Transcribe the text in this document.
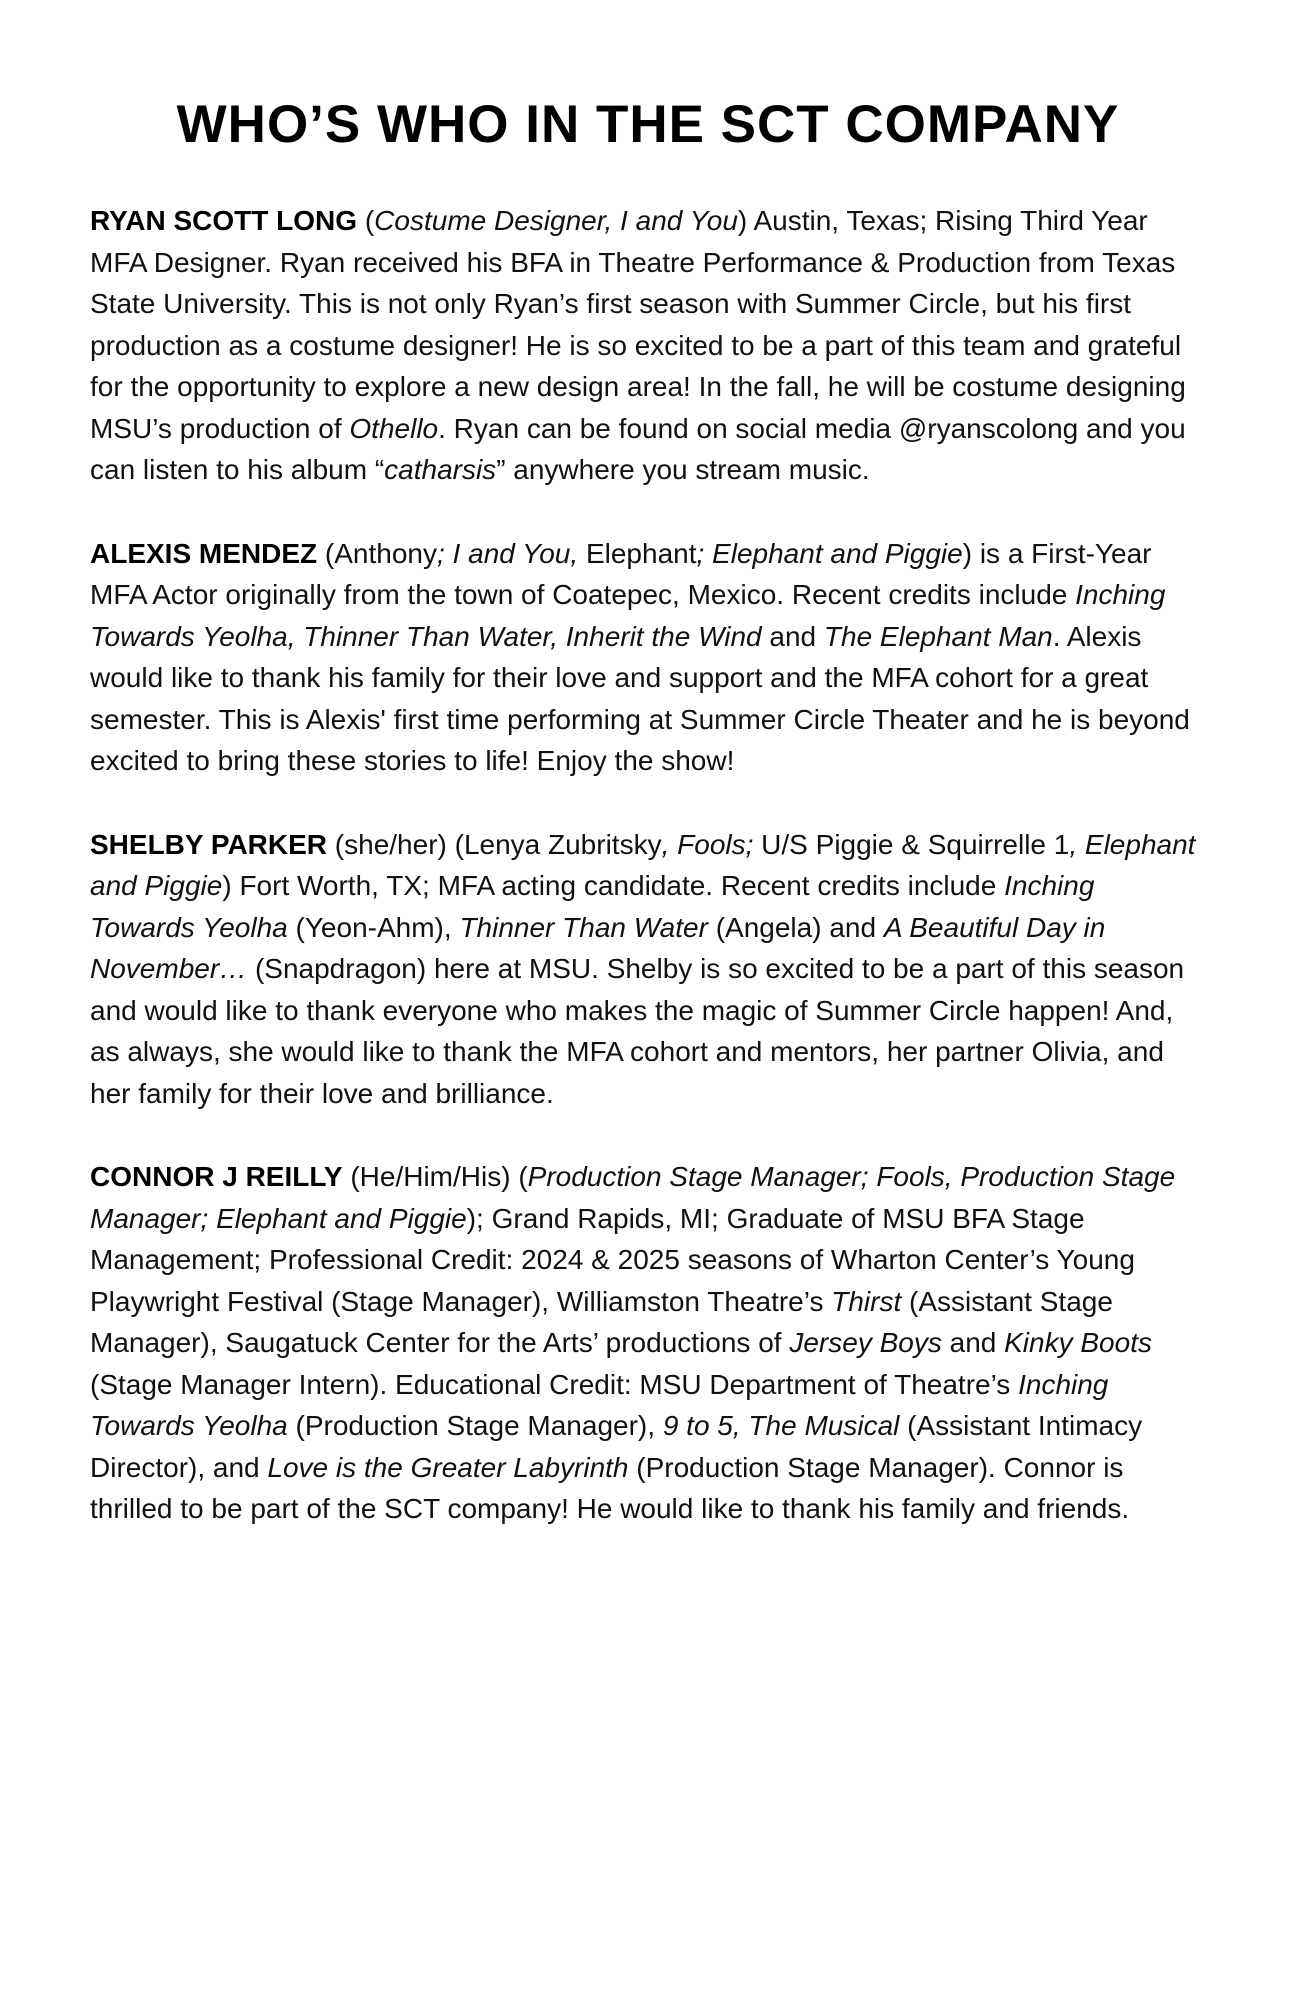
WHO’S WHO IN THE SCT COMPANY

RYAN SCOTT LONG (Costume Designer, I and You) Austin, Texas; Rising Third Year MFA Designer. Ryan received his BFA in Theatre Performance & Production from Texas State University. This is not only Ryan’s first season with Summer Circle, but his first production as a costume designer! He is so excited to be a part of this team and grateful for the opportunity to explore a new design area! In the fall, he will be costume designing MSU’s production of Othello. Ryan can be found on social media @ryanscolong and you can listen to his album “catharsis” anywhere you stream music.

ALEXIS MENDEZ (Anthony; I and You, Elephant; Elephant and Piggie) is a First-Year MFA Actor originally from the town of Coatepec, Mexico. Recent credits include Inching Towards Yeolha, Thinner Than Water, Inherit the Wind and The Elephant Man. Alexis would like to thank his family for their love and support and the MFA cohort for a great semester. This is Alexis' first time performing at Summer Circle Theater and he is beyond excited to bring these stories to life! Enjoy the show!

SHELBY PARKER (she/her) (Lenya Zubritsky, Fools; U/S Piggie & Squirrelle 1, Elephant and Piggie) Fort Worth, TX; MFA acting candidate. Recent credits include Inching Towards Yeolha (Yeon-Ahm), Thinner Than Water (Angela) and A Beautiful Day in November… (Snapdragon) here at MSU. Shelby is so excited to be a part of this season and would like to thank everyone who makes the magic of Summer Circle happen! And, as always, she would like to thank the MFA cohort and mentors, her partner Olivia, and her family for their love and brilliance.

CONNOR J REILLY (He/Him/His) (Production Stage Manager; Fools, Production Stage Manager; Elephant and Piggie); Grand Rapids, MI; Graduate of MSU BFA Stage Management; Professional Credit: 2024 & 2025 seasons of Wharton Center’s Young Playwright Festival (Stage Manager), Williamston Theatre’s Thirst (Assistant Stage Manager), Saugatuck Center for the Arts’ productions of Jersey Boys and Kinky Boots (Stage Manager Intern). Educational Credit: MSU Department of Theatre’s Inching Towards Yeolha (Production Stage Manager), 9 to 5, The Musical (Assistant Intimacy Director), and Love is the Greater Labyrinth (Production Stage Manager). Connor is thrilled to be part of the SCT company! He would like to thank his family and friends.
